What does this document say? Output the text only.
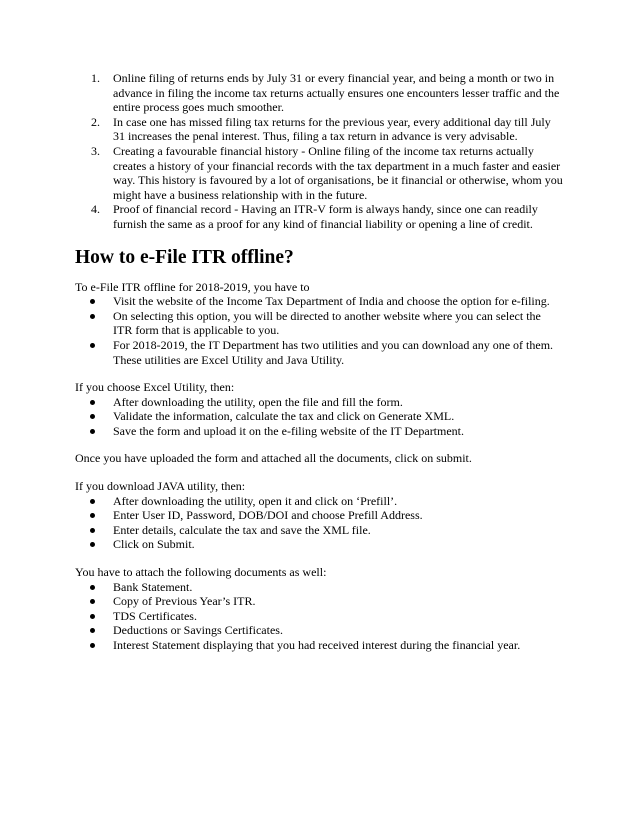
1. Online filing of returns ends by July 31 or every financial year, and being a month or two in advance in filing the income tax returns actually ensures one encounters lesser traffic and the entire process goes much smoother.
2. In case one has missed filing tax returns for the previous year, every additional day till July 31 increases the penal interest. Thus, filing a tax return in advance is very advisable.
3. Creating a favourable financial history - Online filing of the income tax returns actually creates a history of your financial records with the tax department in a much faster and easier way. This history is favoured by a lot of organisations, be it financial or otherwise, whom you might have a business relationship with in the future.
4. Proof of financial record - Having an ITR-V form is always handy, since one can readily furnish the same as a proof for any kind of financial liability or opening a line of credit.
How to e-File ITR offline?

To e-File ITR offline for 2018-2019, you have to

Visit the website of the Income Tax Department of India and choose the option for e-filing.
On selecting this option, you will be directed to another website where you can select the ITR form that is applicable to you.
For 2018-2019, the IT Department has two utilities and you can download any one of them. These utilities are Excel Utility and Java Utility.

If you choose Excel Utility, then:

After downloading the utility, open the file and fill the form.
Validate the information, calculate the tax and click on Generate XML.
Save the form and upload it on the e-filing website of the IT Department.

Once you have uploaded the form and attached all the documents, click on submit.

If you download JAVA utility, then:

After downloading the utility, open it and click on ‘Prefill’.
Enter User ID, Password, DOB/DOI and choose Prefill Address.
Enter details, calculate the tax and save the XML file.
Click on Submit.

You have to attach the following documents as well:

Bank Statement.
Copy of Previous Year’s ITR.
TDS Certificates.
Deductions or Savings Certificates.
Interest Statement displaying that you had received interest during the financial year.
